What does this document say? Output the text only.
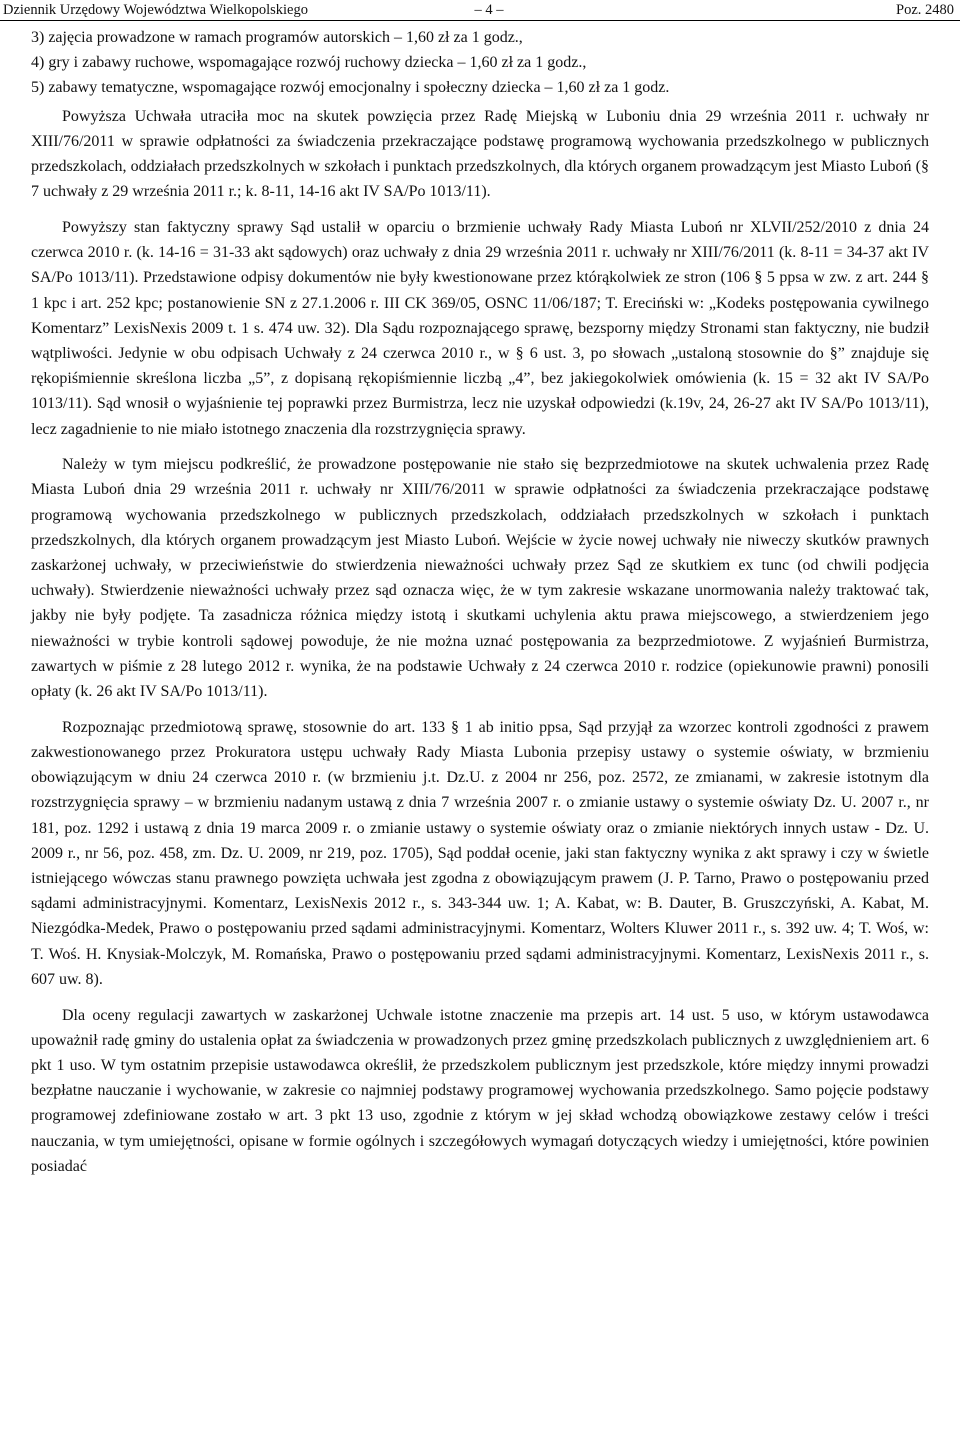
Dziennik Urzędowy Województwa Wielkopolskiego	– 4 –	Poz. 2480

3) zajęcia prowadzone w ramach programów autorskich – 1,60 zł za 1 godz.,

4) gry i zabawy ruchowe, wspomagające rozwój ruchowy dziecka – 1,60 zł za 1 godz.,

5) zabawy tematyczne, wspomagające rozwój emocjonalny i społeczny dziecka – 1,60 zł za 1 godz.

Powyższa Uchwała utraciła moc na skutek powzięcia przez Radę Miejską w Luboniu dnia 29 września 2011 r. uchwały nr XIII/76/2011 w sprawie odpłatności za świadczenia przekraczające podstawę programową wychowania przedszkolnego w publicznych przedszkolach, oddziałach przedszkolnych w szkołach i punktach przedszkolnych, dla których organem prowadzącym jest Miasto Luboń (§ 7 uchwały z 29 września 2011 r.; k. 8-11, 14-16 akt IV SA/Po 1013/11).

Powyższy stan faktyczny sprawy Sąd ustalił w oparciu o brzmienie uchwały Rady Miasta Luboń nr XLVII/252/2010 z dnia 24 czerwca 2010 r. (k. 14-16 = 31-33 akt sądowych) oraz uchwały z dnia 29 września 2011 r. uchwały nr XIII/76/2011 (k. 8-11 = 34-37 akt IV SA/Po 1013/11). Przedstawione odpisy dokumentów nie były kwestionowane przez którąkolwiek ze stron (106 § 5 ppsa w zw. z art. 244 § 1 kpc i art. 252 kpc; postanowienie SN z 27.1.2006 r. III CK 369/05, OSNC 11/06/187; T. Ereciński w: „Kodeks postępowania cywilnego Komentarz” LexisNexis 2009 t. 1 s. 474 uw. 32). Dla Sądu rozpoznającego sprawę, bezsporny między Stronami stan faktyczny, nie budził wątpliwości. Jedynie w obu odpisach Uchwały z 24 czerwca 2010 r., w § 6 ust. 3, po słowach „ustaloną stosownie do §” znajduje się rękopiśmiennie skreślona liczba „5”, z dopisaną rękopiśmiennie liczbą „4”, bez jakiegokolwiek omówienia (k. 15 = 32 akt IV SA/Po 1013/11). Sąd wnosił o wyjaśnienie tej poprawki przez Burmistrza, lecz nie uzyskał odpowiedzi (k.19v, 24, 26-27 akt IV SA/Po 1013/11), lecz zagadnienie to nie miało istotnego znaczenia dla rozstrzygnięcia sprawy.

Należy w tym miejscu podkreślić, że prowadzone postępowanie nie stało się bezprzedmiotowe na skutek uchwalenia przez Radę Miasta Luboń dnia 29 września 2011 r. uchwały nr XIII/76/2011 w sprawie odpłatności za świadczenia przekraczające podstawę programową wychowania przedszkolnego w publicznych przedszkolach, oddziałach przedszkolnych w szkołach i punktach przedszkolnych, dla których organem prowadzącym jest Miasto Luboń. Wejście w życie nowej uchwały nie niweczy skutków prawnych zaskarżonej uchwały, w przeciwieństwie do stwierdzenia nieważności uchwały przez Sąd ze skutkiem ex tunc (od chwili podjęcia uchwały). Stwierdzenie nieważności uchwały przez sąd oznacza więc, że w tym zakresie wskazane unormowania należy traktować tak, jakby nie były podjęte. Ta zasadnicza różnica między istotą i skutkami uchylenia aktu prawa miejscowego, a stwierdzeniem jego nieważności w trybie kontroli sądowej powoduje, że nie można uznać postępowania za bezprzedmiotowe. Z wyjaśnień Burmistrza, zawartych w piśmie z 28 lutego 2012 r. wynika, że na podstawie Uchwały z 24 czerwca 2010 r. rodzice (opiekunowie prawni) ponosili opłaty (k. 26 akt IV SA/Po 1013/11).

Rozpoznając przedmiotową sprawę, stosownie do art. 133 § 1 ab initio ppsa, Sąd przyjął za wzorzec kontroli zgodności z prawem zakwestionowanego przez Prokuratora ustępu uchwały Rady Miasta Lubonia przepisy ustawy o systemie oświaty, w brzmieniu obowiązującym w dniu 24 czerwca 2010 r. (w brzmieniu j.t. Dz.U. z 2004 nr 256, poz. 2572, ze zmianami, w zakresie istotnym dla rozstrzygnięcia sprawy – w brzmieniu nadanym ustawą z dnia 7 września 2007 r. o zmianie ustawy o systemie oświaty Dz. U. 2007 r., nr 181, poz. 1292 i ustawą z dnia 19 marca 2009 r. o zmianie ustawy o systemie oświaty oraz o zmianie niektórych innych ustaw - Dz. U. 2009 r., nr 56, poz. 458, zm. Dz. U. 2009, nr 219, poz. 1705), Sąd poddał ocenie, jaki stan faktyczny wynika z akt sprawy i czy w świetle istniejącego wówczas stanu prawnego powzięta uchwała jest zgodna z obowiązującym prawem (J. P. Tarno, Prawo o postępowaniu przed sądami administracyjnymi. Komentarz, LexisNexis 2012 r., s. 343-344 uw. 1; A. Kabat, w: B. Dauter, B. Gruszczyński, A. Kabat, M. Niezgódka-Medek, Prawo o postępowaniu przed sądami administracyjnymi. Komentarz, Wolters Kluwer 2011 r., s. 392 uw. 4; T. Woś, w: T. Woś. H. Knysiak-Molczyk, M. Romańska, Prawo o postępowaniu przed sądami administracyjnymi. Komentarz, LexisNexis 2011 r., s. 607 uw. 8).

Dla oceny regulacji zawartych w zaskarżonej Uchwale istotne znaczenie ma przepis art. 14 ust. 5 uso, w którym ustawodawca upoważnił radę gminy do ustalenia opłat za świadczenia w prowadzonych przez gminę przedszkolach publicznych z uwzględnieniem art. 6 pkt 1 uso. W tym ostatnim przepisie ustawodawca określił, że przedszkolem publicznym jest przedszkole, które między innymi prowadzi bezpłatne nauczanie i wychowanie, w zakresie co najmniej podstawy programowej wychowania przedszkolnego. Samo pojęcie podstawy programowej zdefiniowane zostało w art. 3 pkt 13 uso, zgodnie z którym w jej skład wchodzą obowiązkowe zestawy celów i treści nauczania, w tym umiejętności, opisane w formie ogólnych i szczegółowych wymagań dotyczących wiedzy i umiejętności, które powinien posiadać
